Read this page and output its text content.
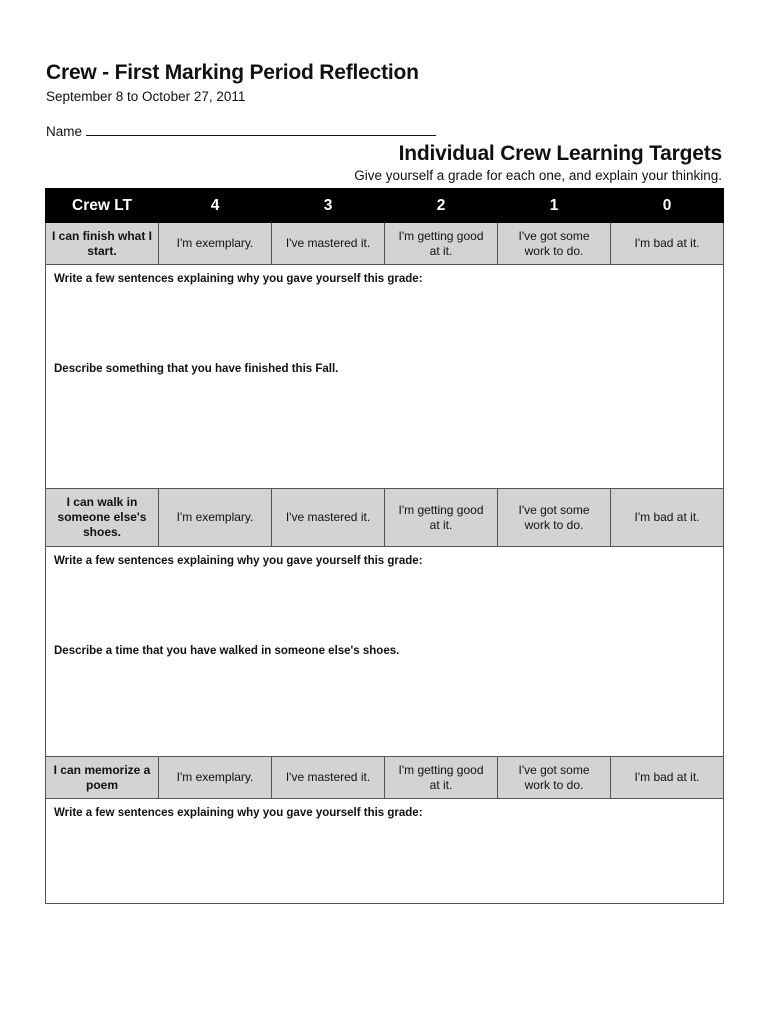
Crew - First Marking Period Reflection
September 8 to October 27, 2011
Name
Individual Crew Learning Targets
Give yourself a grade for each one, and explain your thinking.
Crew LT	4	3	2	1	0
I can finish what I start.	I'm exemplary.	I've mastered it.	I'm getting good at it.	I've got some work to do.	I'm bad at it.

Write a few sentences explaining why you gave yourself this grade:
Describe something that you have finished this Fall.					

I can walk in someone else's shoes.	I'm exemplary.	I've mastered it.	I'm getting good at it.	I've got some work to do.	I'm bad at it.

Write a few sentences explaining why you gave yourself this grade:
Describe a time that you have walked in someone else's shoes.					

I can memorize a poem	I'm exemplary.	I've mastered it.	I'm getting good at it.	I've got some work to do.	I'm bad at it.

Write a few sentences explaining why you gave yourself this grade:					
